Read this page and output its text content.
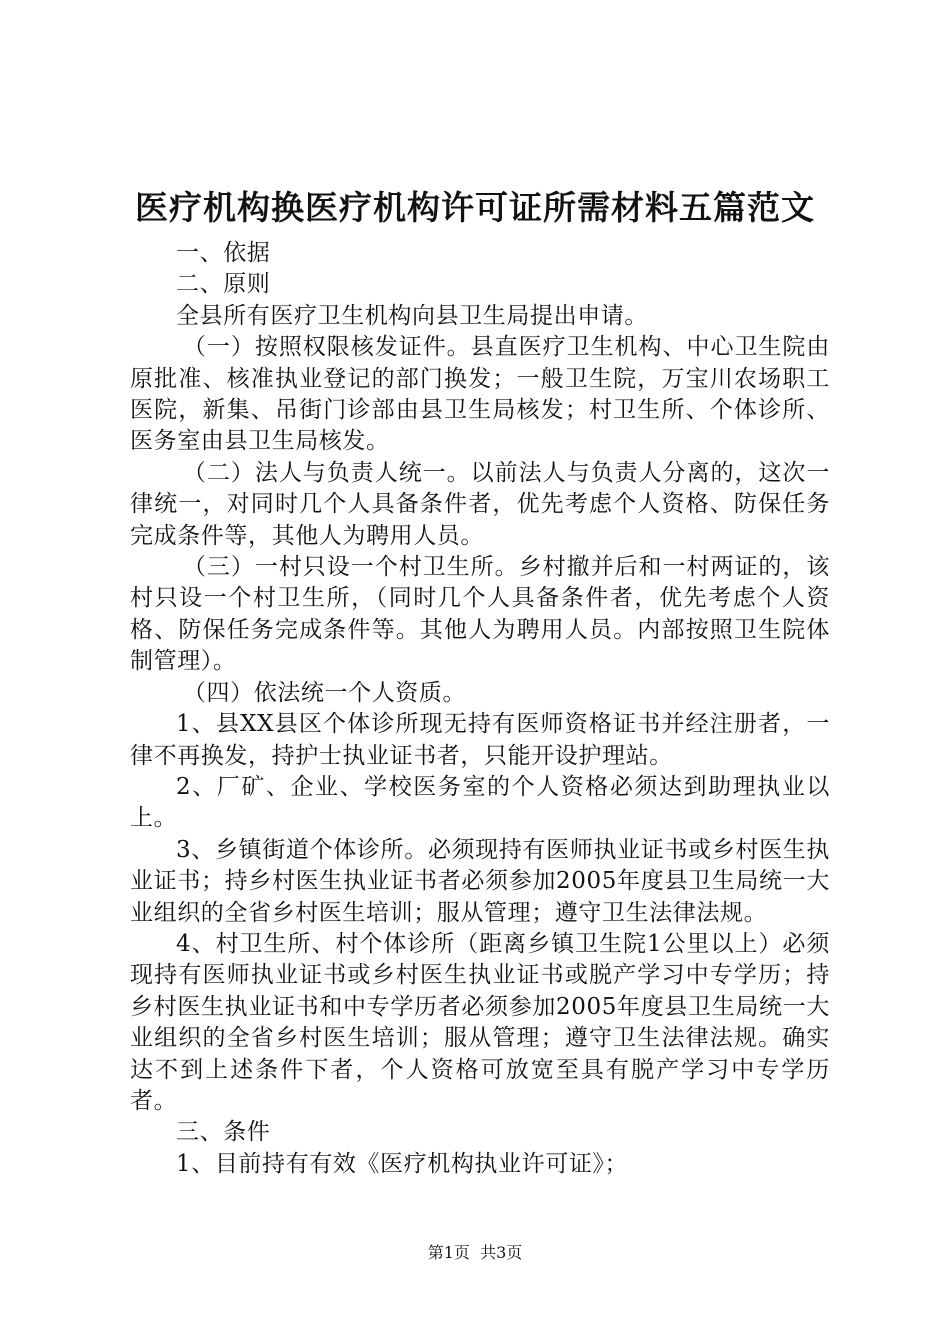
医疗机构换医疗机构许可证所需材料五篇范文

一、依据

二、原则

全县所有医疗卫生机构向县卫生局提出申请。

（一）按照权限核发证件。县直医疗卫生机构、中心卫生院由原批准、核准执业登记的部门换发；一般卫生院，万宝川农场职工医院，新集、吊街门诊部由县卫生局核发；村卫生所、个体诊所、医务室由县卫生局核发。

（二）法人与负责人统一。以前法人与负责人分离的，这次一律统一，对同时几个人具备条件者，优先考虑个人资格、防保任务完成条件等，其他人为聘用人员。

（三）一村只设一个村卫生所。乡村撤并后和一村两证的，该村只设一个村卫生所，（同时几个人具备条件者，优先考虑个人资格、防保任务完成条件等。其他人为聘用人员。内部按照卫生院体制管理）。

（四）依法统一个人资质。

1、县XX县区个体诊所现无持有医师资格证书并经注册者，一律不再换发，持护士执业证书者，只能开设护理站。

2、厂矿、企业、学校医务室的个人资格必须达到助理执业以上。

3、乡镇街道个体诊所。必须现持有医师执业证书或乡村医生执业证书；持乡村医生执业证书者必须参加2005年度县卫生局统一大业组织的全省乡村医生培训；服从管理；遵守卫生法律法规。

4、村卫生所、村个体诊所（距离乡镇卫生院1公里以上）必须现持有医师执业证书或乡村医生执业证书或脱产学习中专学历；持乡村医生执业证书和中专学历者必须参加2005年度县卫生局统一大业组织的全省乡村医生培训；服从管理；遵守卫生法律法规。确实达不到上述条件下者，个人资格可放宽至具有脱产学习中专学历者。

三、条件

1、目前持有有效《医疗机构执业许可证》；

第1页 共3页
